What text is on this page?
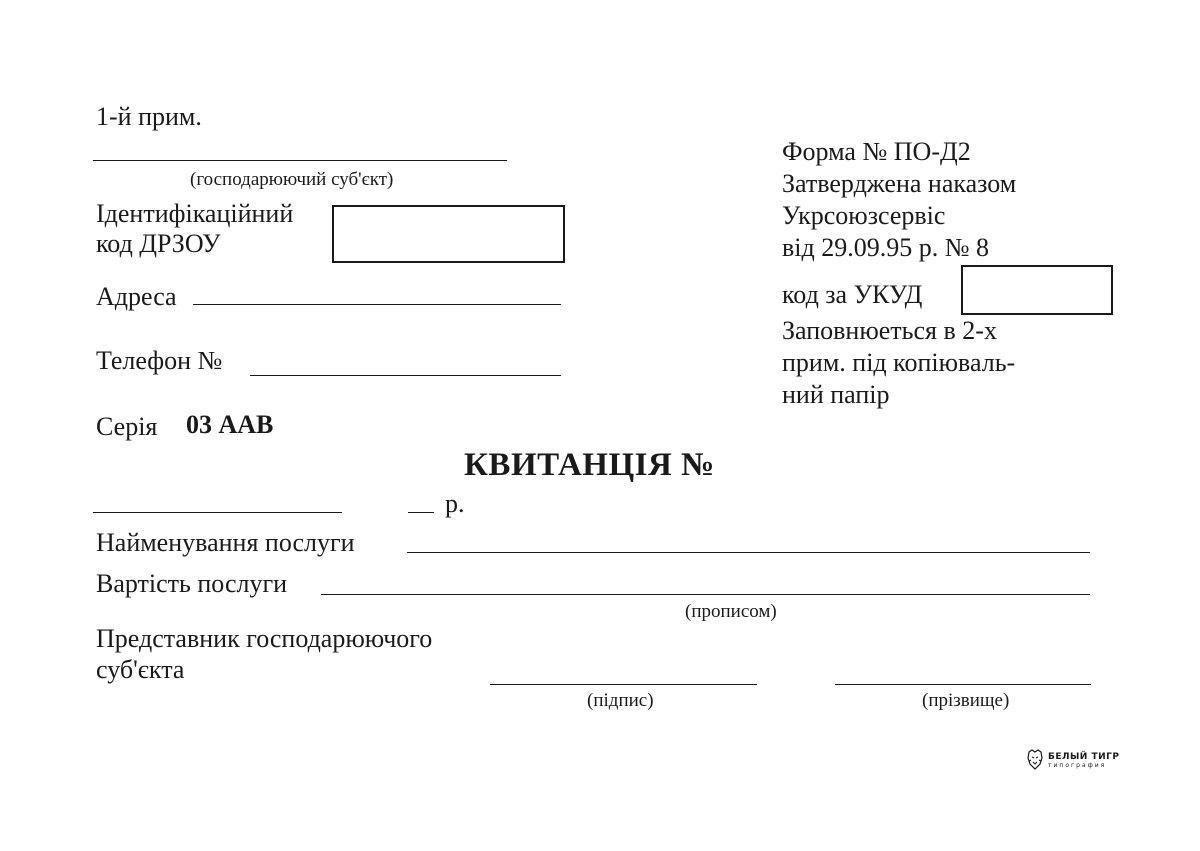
1-й прим.
(господарюючий суб'єкт)
Ідентифікаційний
код ДРЗОУ
Адреса
Телефон №
Серія 03 ААВ
Форма № ПО-Д2
Затверджена наказом
Укрсоюзсервіс
від 29.09.95 р. № 8
код за УКУД
Заповнюеться в 2-х
прим. під копіюваль-
ний папір
КВИТАНЦІЯ №
р.
Найменування послуги
Вартість послуги
(прописом)
Представник господарюючого
суб'єкта
(підпис)	(прізвище)
БЕЛЫЙ ТИГР
типография
